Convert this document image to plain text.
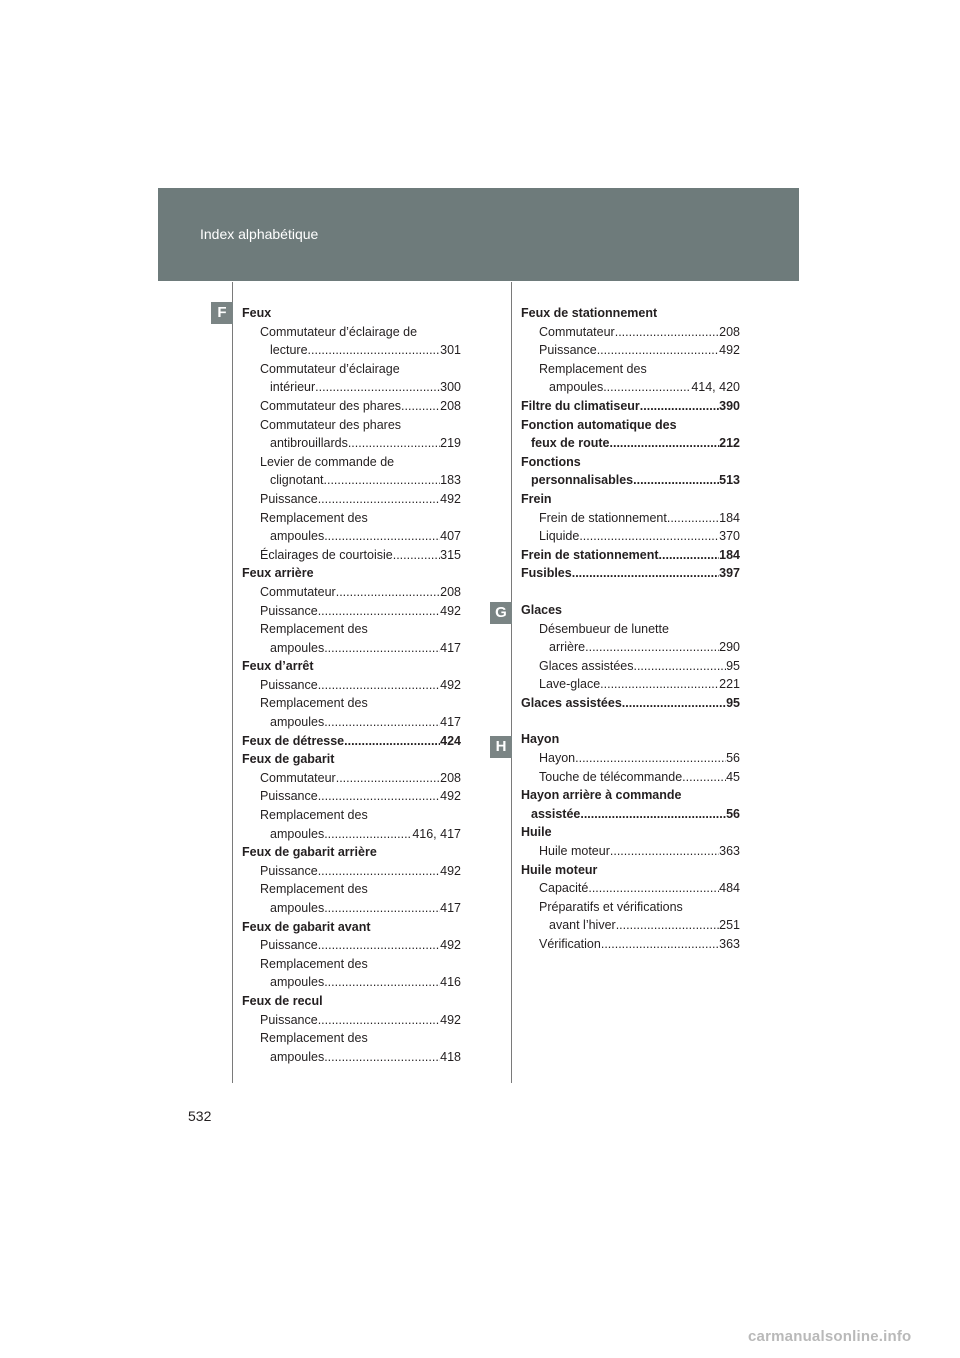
Index alphabétique
F
G
H
Feux
Commutateur d’éclairage de
lecture .....	301
Commutateur d’éclairage
intérieur .....	300
Commutateur des phares .....	208
Commutateur des phares
antibrouillards .....	219
Levier de commande de
clignotant .....	183
Puissance .....	492
Remplacement des
ampoules .....	407
Éclairages de courtoisie .....	315
Feux arrière
Commutateur .....	208
Puissance .....	492
Remplacement des
ampoules .....	417
Feux d’arrêt
Puissance .....	492
Remplacement des
ampoules .....	417
Feux de détresse .....	424
Feux de gabarit
Commutateur .....	208
Puissance .....	492
Remplacement des
ampoules .....	416, 417
Feux de gabarit arrière
Puissance .....	492
Remplacement des
ampoules .....	417
Feux de gabarit avant
Puissance .....	492
Remplacement des
ampoules .....	416
Feux de recul
Puissance .....	492
Remplacement des
ampoules .....	418
Feux de stationnement
Commutateur .....	208
Puissance .....	492
Remplacement des
ampoules .....	414, 420
Filtre du climatiseur .....	390
Fonction automatique des
feux de route .....	212
Fonctions
personnalisables .....	513
Frein
Frein de stationnement .....	184
Liquide .....	370
Frein de stationnement .....	184
Fusibles .....	397
Glaces
Désembueur de lunette
arrière .....	290
Glaces assistées .....	95
Lave-glace .....	221
Glaces assistées .....	95
Hayon
Hayon .....	56
Touche de télécommande .....	45
Hayon arrière à commande
assistée .....	56
Huile
Huile moteur .....	363
Huile moteur
Capacité .....	484
Préparatifs et vérifications
avant l’hiver .....	251
Vérification .....	363
532
carmanualsonline.info
